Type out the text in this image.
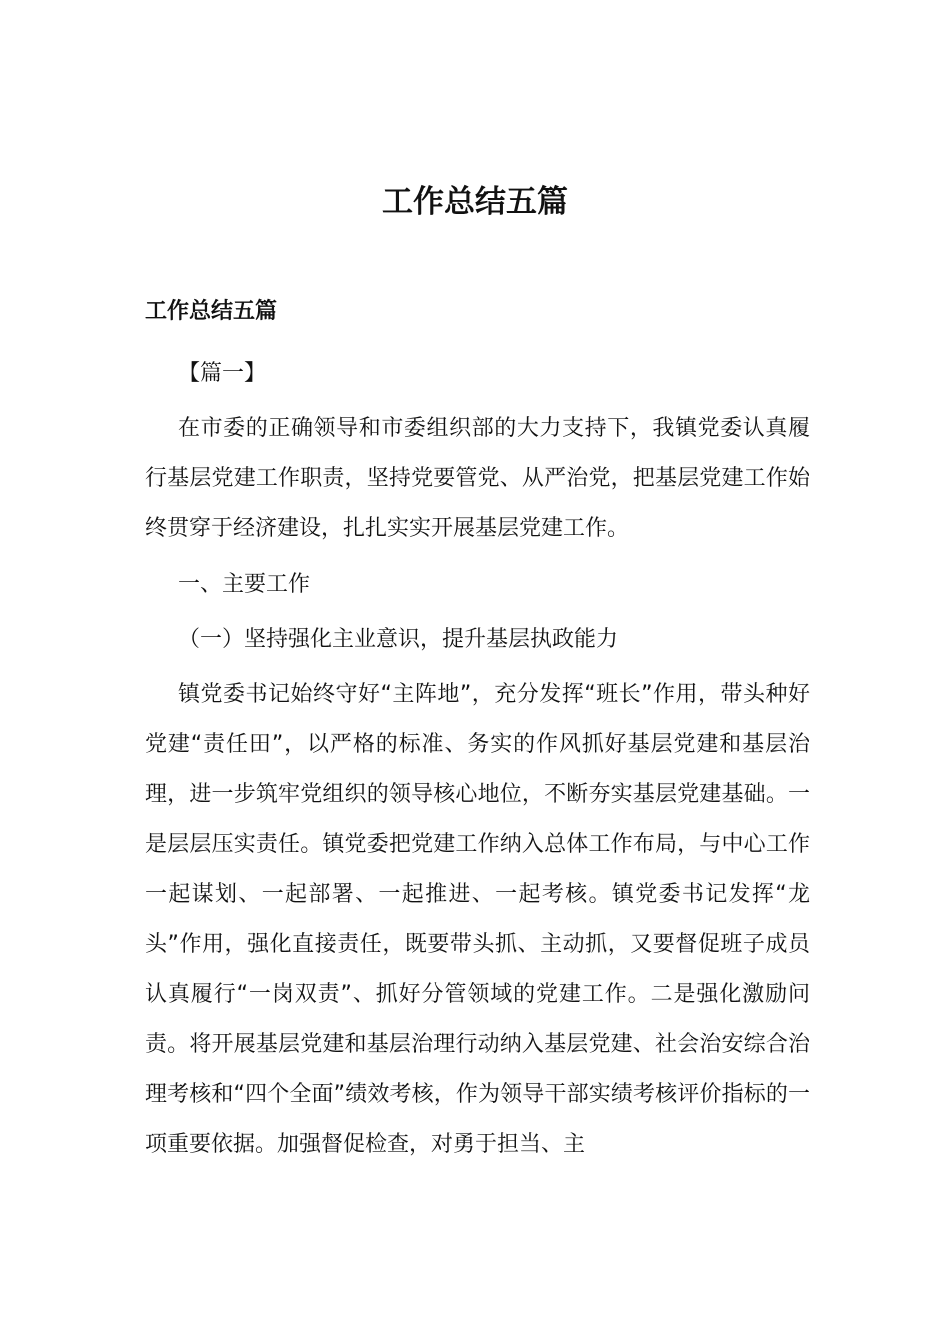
工作总结五篇
工作总结五篇

【篇一】

在市委的正确领导和市委组织部的大力支持下，我镇党委认真履行基层党建工作职责，坚持党要管党、从严治党，把基层党建工作始终贯穿于经济建设，扎扎实实开展基层党建工作。

一、主要工作

（一）坚持强化主业意识，提升基层执政能力

镇党委书记始终守好“主阵地”，充分发挥“班长”作用，带头种好党建“责任田”，以严格的标准、务实的作风抓好基层党建和基层治理，进一步筑牢党组织的领导核心地位，不断夯实基层党建基础。一是层层压实责任。镇党委把党建工作纳入总体工作布局，与中心工作一起谋划、一起部署、一起推进、一起考核。镇党委书记发挥“龙头”作用，强化直接责任，既要带头抓、主动抓，又要督促班子成员认真履行“一岗双责”、抓好分管领域的党建工作。二是强化激励问责。将开展基层党建和基层治理行动纳入基层党建、社会治安综合治理考核和“四个全面”绩效考核，作为领导干部实绩考核评价指标的一项重要依据。加强督促检查，对勇于担当、主
